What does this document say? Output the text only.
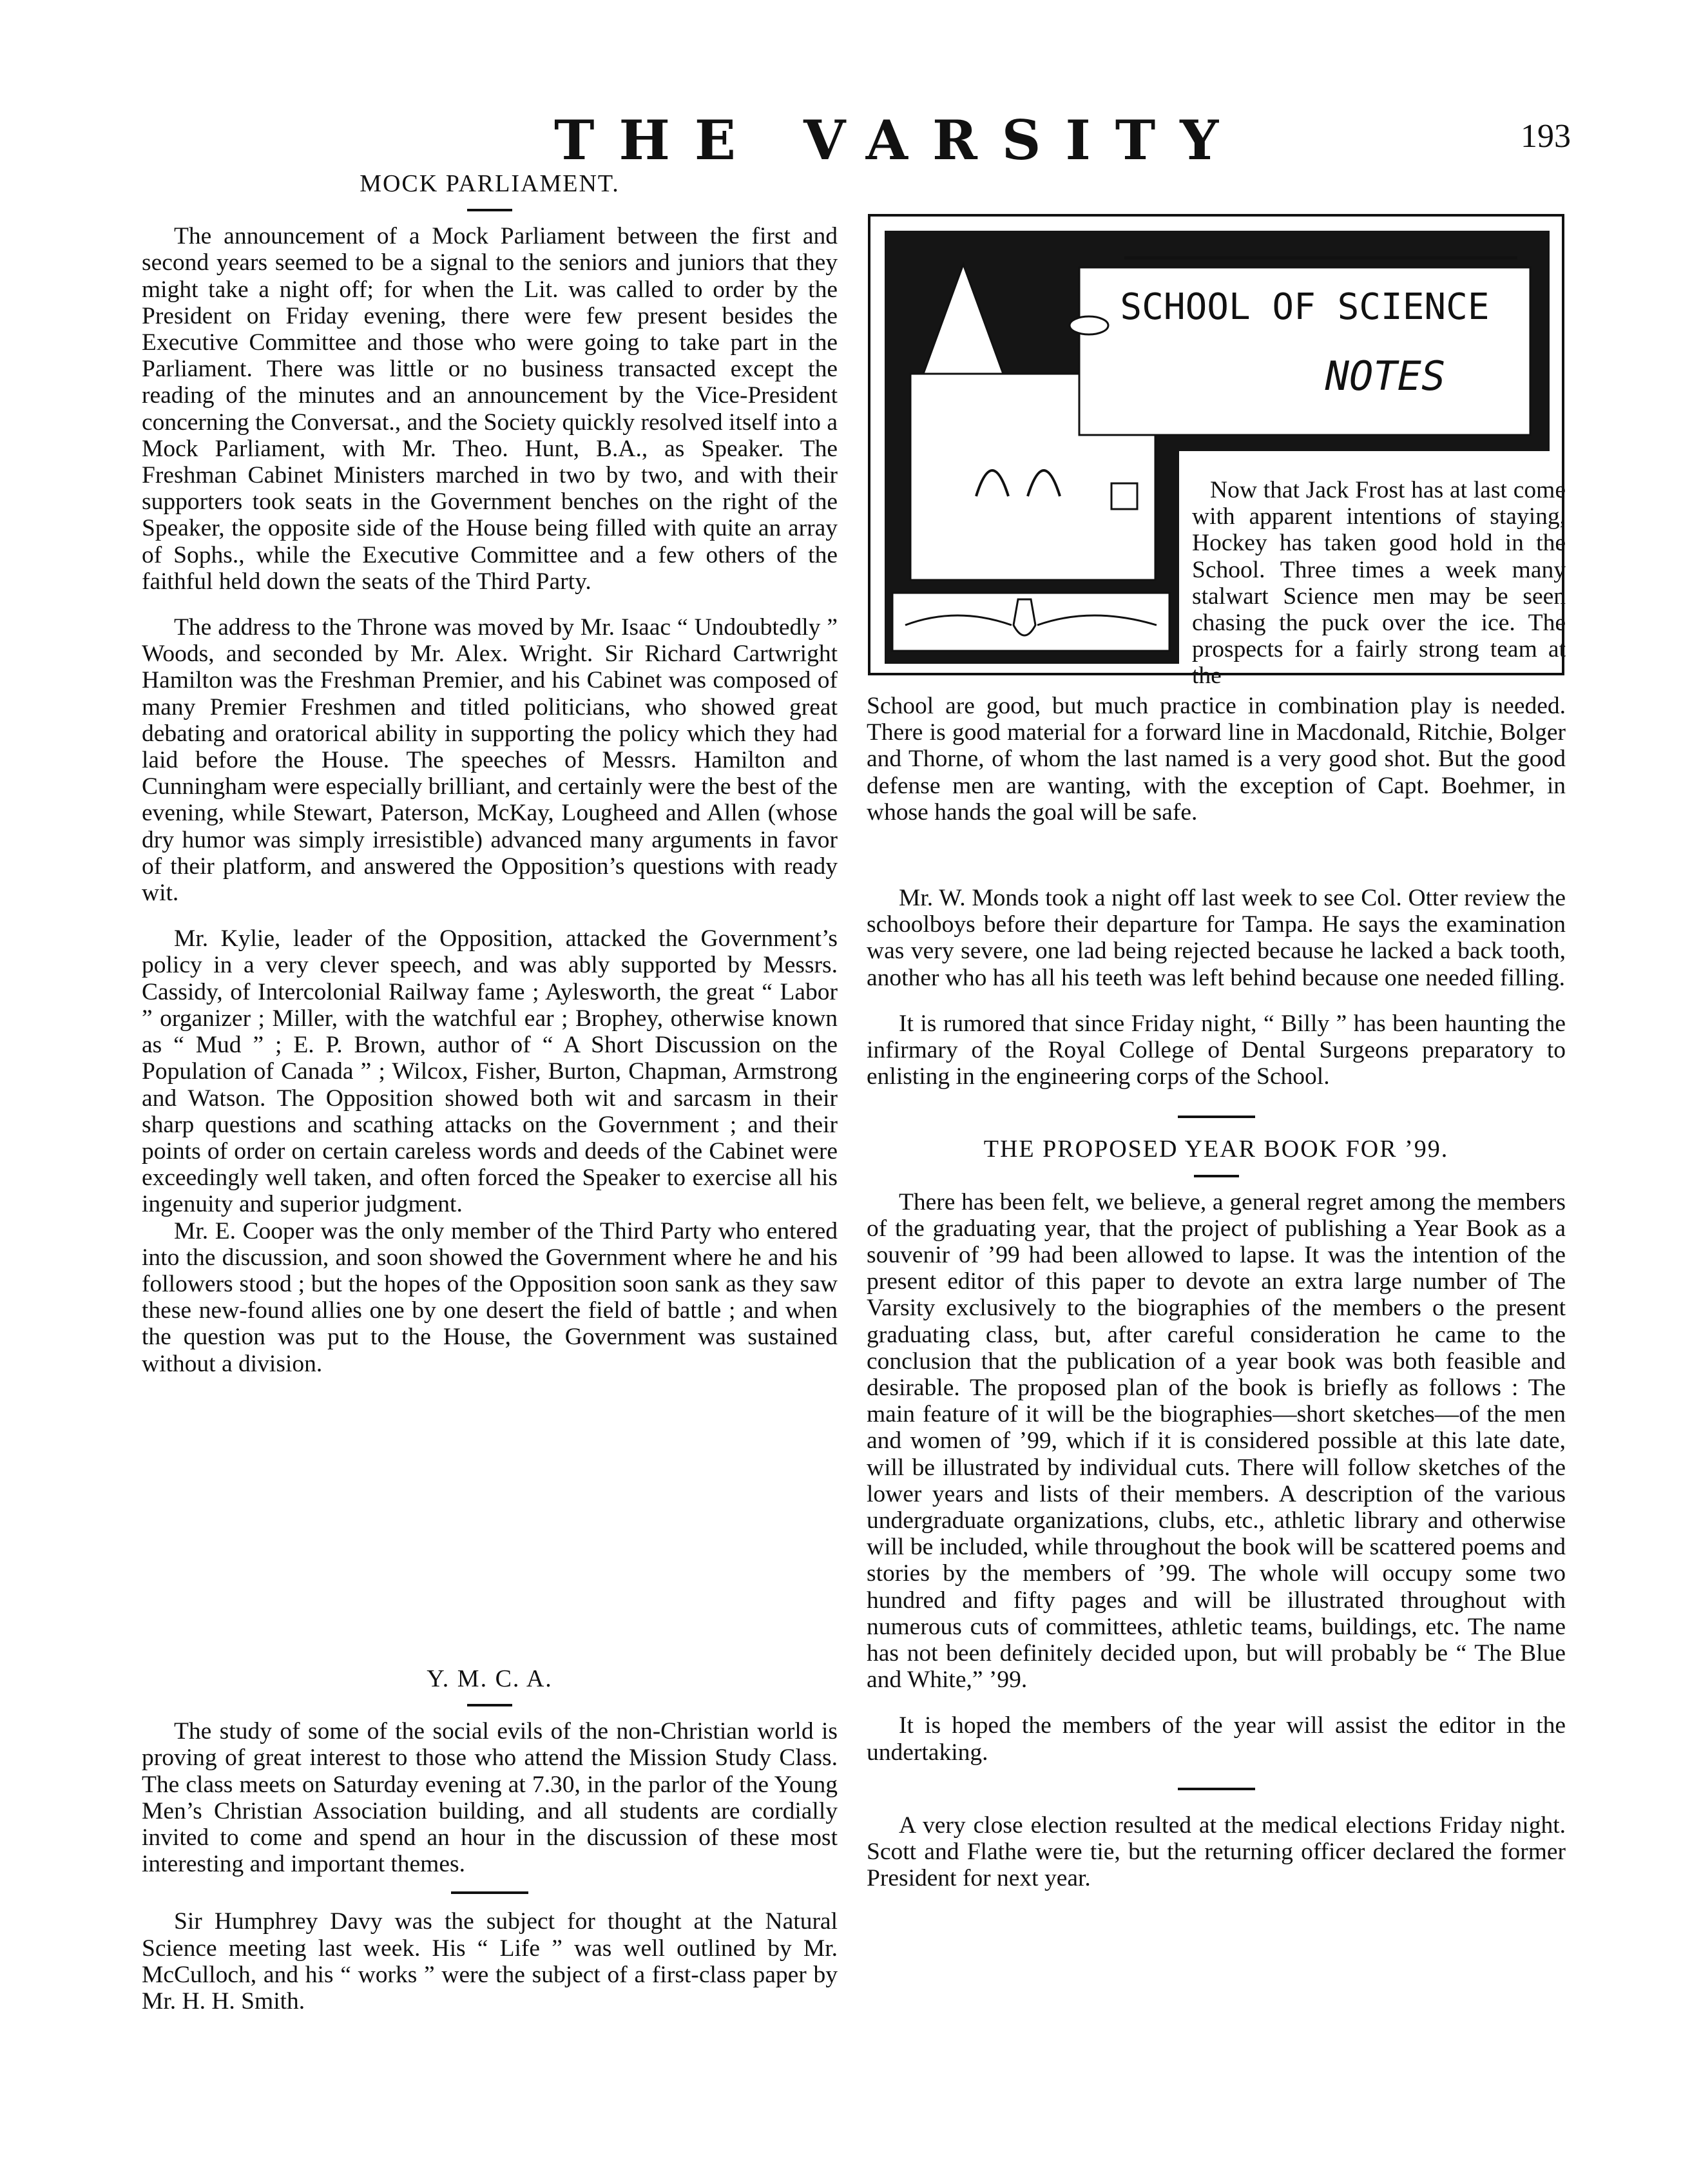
THE VARSITY	193
MOCK PARLIAMENT.

The announcement of a Mock Parliament between the first and second years seemed to be a signal to the seniors and juniors that they might take a night off; for when the Lit. was called to order by the President on Friday evening, there were few present besides the Executive Committee and those who were going to take part in the Parliament. There was little or no business transacted except the reading of the minutes and an announcement by the Vice-President concerning the Conversat., and the Society quickly resolved itself into a Mock Parliament, with Mr. Theo. Hunt, B.A., as Speaker. The Freshman Cabinet Ministers marched in two by two, and with their supporters took seats in the Government benches on the right of the Speaker, the opposite side of the House being filled with quite an array of Sophs., while the Executive Committee and a few others of the faithful held down the seats of the Third Party.

The address to the Throne was moved by Mr. Isaac “ Undoubtedly ” Woods, and seconded by Mr. Alex. Wright. Sir Richard Cartwright Hamilton was the Freshman Premier, and his Cabinet was composed of many Premier Freshmen and titled politicians, who showed great debating and oratorical ability in supporting the policy which they had laid before the House. The speeches of Messrs. Hamilton and Cunningham were especially brilliant, and certainly were the best of the evening, while Stewart, Paterson, McKay, Lougheed and Allen (whose dry humor was simply irresistible) advanced many arguments in favor of their platform, and answered the Opposition’s questions with ready wit.

Mr. Kylie, leader of the Opposition, attacked the Government’s policy in a very clever speech, and was ably supported by Messrs. Cassidy, of Intercolonial Railway fame ; Aylesworth, the great “ Labor ” organizer ; Miller, with the watchful ear ; Brophey, otherwise known as “ Mud ” ; E. P. Brown, author of “ A Short Discussion on the Population of Canada ” ; Wilcox, Fisher, Burton, Chapman, Armstrong and Watson. The Opposition showed both wit and sarcasm in their sharp questions and scathing attacks on the Government ; and their points of order on certain careless words and deeds of the Cabinet were exceedingly well taken, and often forced the Speaker to exercise all his ingenuity and superior judgment.

Mr. E. Cooper was the only member of the Third Party who entered into the discussion, and soon showed the Government where he and his followers stood ; but the hopes of the Opposition soon sank as they saw these new-found allies one by one desert the field of battle ; and when the question was put to the House, the Government was sustained without a division.

Y. M. C. A.

The study of some of the social evils of the non-Christian world is proving of great interest to those who attend the Mission Study Class. The class meets on Saturday evening at 7.30, in the parlor of the Young Men’s Christian Association building, and all students are cordially invited to come and spend an hour in the discussion of these most interesting and important themes.

Sir Humphrey Davy was the subject for thought at the Natural Science meeting last week. His “ Life ” was well outlined by Mr. McCulloch, and his “ works ” were the subject of a first-class paper by Mr. H. H. Smith.

SCHOOL OF SCIENCE
NOTES

Now that Jack Frost has at last come with apparent intentions of staying, Hockey has taken good hold in the School. Three times a week many stalwart Science men may be seen chasing the puck over the ice. The prospects for a fairly strong team at the

School are good, but much practice in combination play is needed. There is good material for a forward line in Macdonald, Ritchie, Bolger and Thorne, of whom the last named is a very good shot. But the good defense men are wanting, with the exception of Capt. Boehmer, in whose hands the goal will be safe.

Mr. W. Monds took a night off last week to see Col. Otter review the schoolboys before their departure for Tampa. He says the examination was very severe, one lad being rejected because he lacked a back tooth, another who has all his teeth was left behind because one needed filling.

It is rumored that since Friday night, “ Billy ” has been haunting the infirmary of the Royal College of Dental Surgeons preparatory to enlisting in the engineering corps of the School.

THE PROPOSED YEAR BOOK FOR ’99.

There has been felt, we believe, a general regret among the members of the graduating year, that the project of publishing a Year Book as a souvenir of ’99 had been allowed to lapse. It was the intention of the present editor of this paper to devote an extra large number of The Varsity exclusively to the biographies of the members o the present graduating class, but, after careful consideration he came to the conclusion that the publication of a year book was both feasible and desirable. The proposed plan of the book is briefly as follows : The main feature of it will be the biographies—short sketches—of the men and women of ’99, which if it is considered possible at this late date, will be illustrated by individual cuts. There will follow sketches of the lower years and lists of their members. A description of the various undergraduate organizations, clubs, etc., athletic library and otherwise will be included, while throughout the book will be scattered poems and stories by the members of ’99. The whole will occupy some two hundred and fifty pages and will be illustrated throughout with numerous cuts of committees, athletic teams, buildings, etc. The name has not been definitely decided upon, but will probably be “ The Blue and White,” ’99.

It is hoped the members of the year will assist the editor in the undertaking.

A very close election resulted at the medical elections Friday night. Scott and Flathe were tie, but the returning officer declared the former President for next year.
